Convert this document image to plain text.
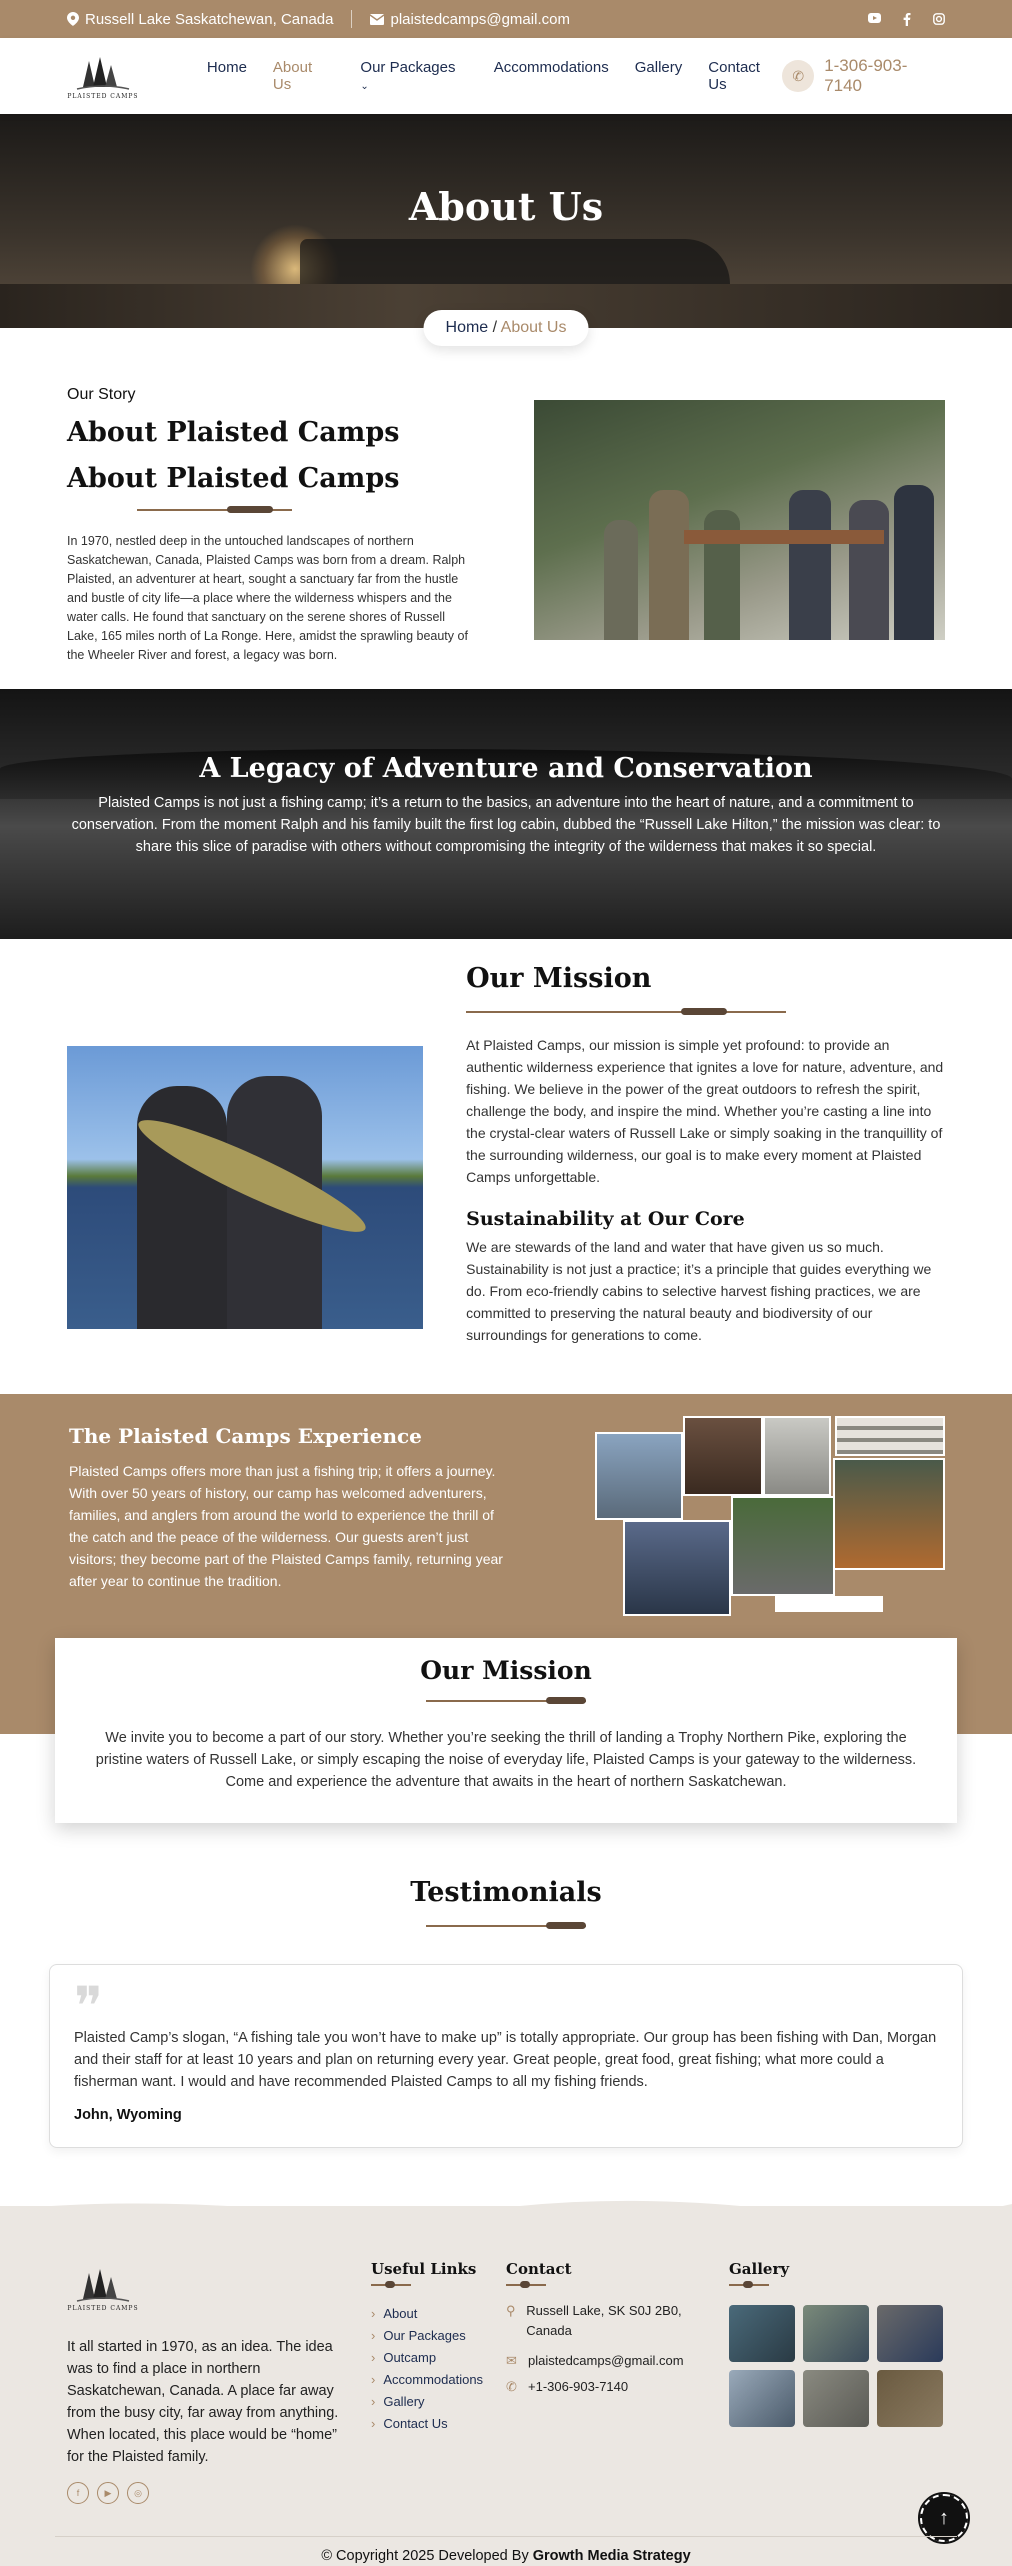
Russell Lake Saskatchewan, Canada	plaistedcamps@gmail.com
PLAISTED CAMPS
Home About Us
Our Packages ⌄
Accommodations Gallery Contact Us
✆
1-306-903-7140
About Us
Home / About Us
Our Story
About Plaisted Camps
About Plaisted Camps

In 1970, nestled deep in the untouched landscapes of northern Saskatchewan, Canada, Plaisted Camps was born from a dream. Ralph Plaisted, an adventurer at heart, sought a sanctuary far from the hustle and bustle of city life—a place where the wilderness whispers and the water calls. He found that sanctuary on the serene shores of Russell Lake, 165 miles north of La Ronge. Here, amidst the sprawling beauty of the Wheeler River and forest, a legacy was born.

A Legacy of Adventure and Conservation

Plaisted Camps is not just a fishing camp; it’s a return to the basics, an adventure into the heart of nature, and a commitment to conservation. From the moment Ralph and his family built the first log cabin, dubbed the “Russell Lake Hilton,” the mission was clear: to share this slice of paradise with others without compromising the integrity of the wilderness that makes it so special.

Our Mission

At Plaisted Camps, our mission is simple yet profound: to provide an authentic wilderness experience that ignites a love for nature, adventure, and fishing. We believe in the power of the great outdoors to refresh the spirit, challenge the body, and inspire the mind. Whether you’re casting a line into the crystal-clear waters of Russell Lake or simply soaking in the tranquillity of the surrounding wilderness, our goal is to make every moment at Plaisted Camps unforgettable.

Sustainability at Our Core

We are stewards of the land and water that have given us so much. Sustainability is not just a practice; it’s a principle that guides everything we do. From eco-friendly cabins to selective harvest fishing practices, we are committed to preserving the natural beauty and biodiversity of our surroundings for generations to come.

The Plaisted Camps Experience

Plaisted Camps offers more than just a fishing trip; it offers a journey. With over 50 years of history, our camp has welcomed adventurers, families, and anglers from around the world to experience the thrill of the catch and the peace of the wilderness. Our guests aren’t just visitors; they become part of the Plaisted Camps family, returning year after year to continue the tradition.

Our Mission

We invite you to become a part of our story. Whether you’re seeking the thrill of landing a Trophy Northern Pike, exploring the pristine waters of Russell Lake, or simply escaping the noise of everyday life, Plaisted Camps is your gateway to the wilderness. Come and experience the adventure that awaits in the heart of northern Saskatchewan.

Testimonials
❞

Plaisted Camp’s slogan, “A fishing tale you won’t have to make up” is totally appropriate. Our group has been fishing with Dan, Morgan and their staff for at least 10 years and plan on returning every year. Great people, great food, great fishing; what more could a fisherman want. I would and have recommended Plaisted Camps to all my fishing friends.

John, Wyoming
PLAISTED CAMPS

It all started in 1970, as an idea. The idea was to find a place in northern Saskatchewan, Canada. A place far away from the busy city, far away from anything. When located, this place would be “home” for the Plaisted family.

f	▶	◎
Useful Links
› About
› Our Packages
› Outcamp
› Accommodations
› Gallery
› Contact Us
Contact
⚲ Russell Lake, SK S0J 2B0, Canada
✉ plaistedcamps@gmail.com
✆ +1-306-903-7140
Gallery
↑
© Copyright 2025 Developed By Growth Media Strategy
